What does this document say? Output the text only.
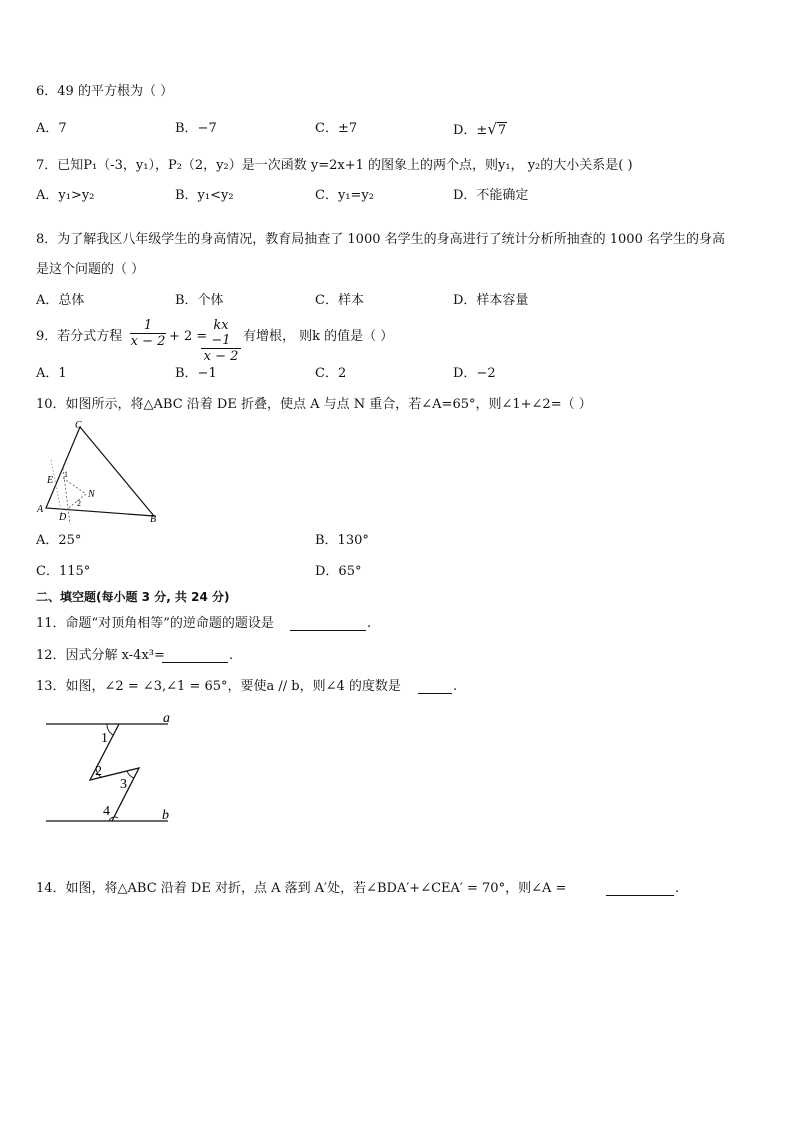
6．49 的平方根为（ ）
A．7	B．−7	C．±7	D．±√7
7．已知P₁（-3，y₁），P₂（2，y₂）是一次函数 y=2x+1 的图象上的两个点，则y₁， y₂的大小关系是( )
A．y₁>y₂	B．y₁<y₂	C．y₁=y₂	D．不能确定
8．为了解我区八年级学生的身高情况，教育局抽查了 1000 名学生的身高进行了统计分析所抽查的 1000 名学生的身高
是这个问题的（ ）
A．总体	B．个体	C．样本	D．样本容量
9．若分式方程 $\frac{1}{x - 2} + 2$ =
$\frac{kx -1}{x - 2}$ 有增根， 则k 的值是（ ）
A．1	B．−1	C．2	D．−2
10．如图所示，将△ABC 沿着 DE 折叠，使点 A 与点 N 重合，若∠A=65°，则∠1+∠2=（ ）
C
E
1
N
2
A
D	B
A．25°	B．130°
C．115°	D．65°
二、填空题(每小题 3 分, 共 24 分)
11．命题“对顶角相等”的逆命题的题设是	.
12．因式分解 x-4x³=	.
13．如图，∠2 = ∠3,∠1 = 65°，要使a // b，则∠4 的度数是	.
a
b
1
2
3
4
14．如图，将△ABC 沿着 DE 对折，点 A 落到 A′处，若∠BDA′+∠CEA′ = 70°，则∠A =	.
